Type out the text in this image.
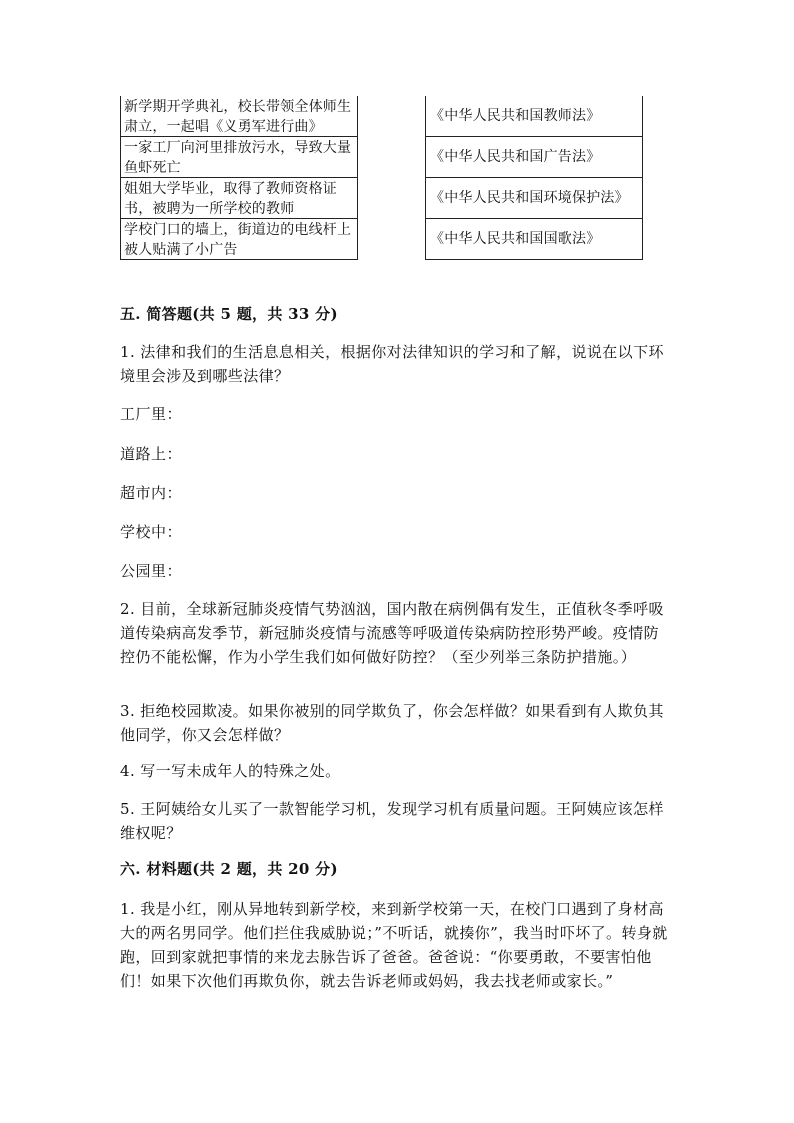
新学期开学典礼，校长带领全体师生肃立，一起唱《义勇军进行曲》
一家工厂向河里排放污水，导致大量鱼虾死亡
姐姐大学毕业，取得了教师资格证书，被聘为一所学校的教师
学校门口的墙上，街道边的电线杆上被人贴满了小广告
《中华人民共和国教师法》
《中华人民共和国广告法》
《中华人民共和国环境保护法》
《中华人民共和国国歌法》
五. 简答题(共 5 题，共 33 分)
1. 法律和我们的生活息息相关，根据你对法律知识的学习和了解，说说在以下环境里会涉及到哪些法律？
工厂里：
道路上：
超市内：
学校中：
公园里：
2. 目前，全球新冠肺炎疫情气势汹汹，国内散在病例偶有发生，正值秋冬季呼吸道传染病高发季节，新冠肺炎疫情与流感等呼吸道传染病防控形势严峻。疫情防控仍不能松懈，作为小学生我们如何做好防控？（至少列举三条防护措施。）
3. 拒绝校园欺凌。如果你被别的同学欺负了，你会怎样做？如果看到有人欺负其他同学，你又会怎样做？
4. 写一写未成年人的特殊之处。
5. 王阿姨给女儿买了一款智能学习机，发现学习机有质量问题。王阿姨应该怎样维权呢？
六. 材料题(共 2 题，共 20 分)
1. 我是小红，刚从异地转到新学校，来到新学校第一天，在校门口遇到了身材高大的两名男同学。他们拦住我威胁说；”不听话，就揍你”，我当时吓坏了。转身就跑，回到家就把事情的来龙去脉告诉了爸爸。爸爸说：“你要勇敢，不要害怕他们！如果下次他们再欺负你，就去告诉老师或妈妈，我去找老师或家长。”
